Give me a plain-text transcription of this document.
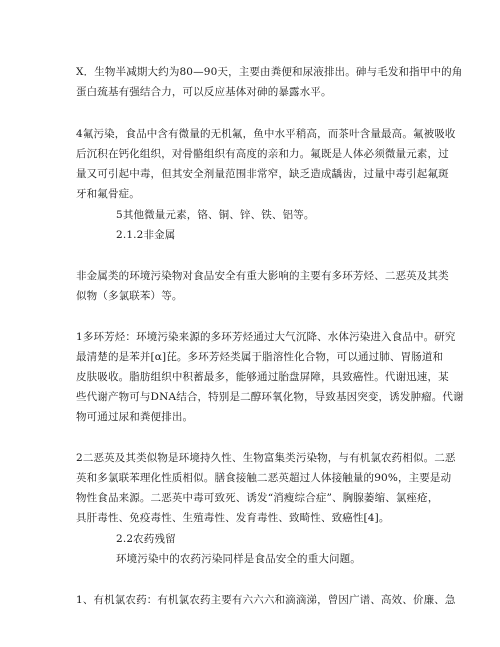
X．生物半减期大约为80—90天，主要由粪便和尿液排出。砷与毛发和指甲中的角
蛋白巯基有强结合力，可以反应基体对砷的暴露水平。
4氟污染，食品中含有微量的无机氟，鱼中水平稍高，而茶叶含量最高。氟被吸收
后沉积在钙化组织，对骨骼组织有高度的亲和力。氟既是人体必须微量元素，过
量又可引起中毒，但其安全剂量范围非常窄，缺乏造成龋齿，过量中毒引起氟斑
牙和氟骨症。
5其他微量元素，铬、铜、锌、铁、铝等。
2.1.2非金属
非金属类的环境污染物对食品安全有重大影响的主要有多环芳烃、二恶英及其类
似物（多氯联苯）等。
1多环芳烃：环境污染来源的多环芳烃通过大气沉降、水体污染进入食品中。研究
最清楚的是苯并[α]芘。多环芳烃类属于脂溶性化合物，可以通过肺、胃肠道和
皮肤吸收。脂肪组织中积蓄最多，能够通过胎盘屏障，具致癌性。代谢迅速，某
些代谢产物可与DNA结合，特别是二醇环氧化物，导致基因突变，诱发肿瘤。代谢
物可通过尿和粪便排出。
2二恶英及其类似物是环境持久性、生物富集类污染物，与有机氯农药相似。二恶
英和多氯联苯理化性质相似。膳食接触二恶英超过人体接触量的90%，主要是动
物性食品来源。二恶英中毒可致死、诱发“消瘦综合症”、胸腺萎缩、氯痤疮，
具肝毒性、免疫毒性、生殖毒性、发育毒性、致畸性、致癌性[4]。
2.2农药残留
环境污染中的农药污染同样是食品安全的重大问题。
1、有机氯农药：有机氯农药主要有六六六和滴滴涕，曾因广谱、高效、价廉、急
